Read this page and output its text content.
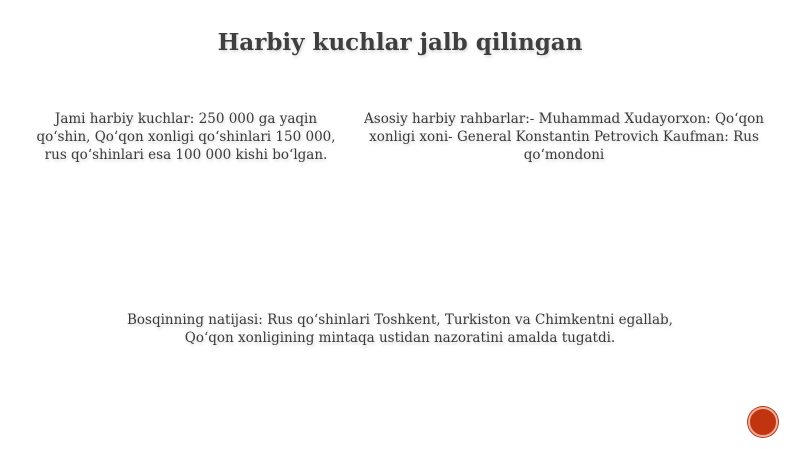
Harbiy kuchlar jalb qilingan
Jami harbiy kuchlar: 250 000 ga yaqin qo‘shin, Qo‘qon xonligi qo‘shinlari 150 000, rus qo‘shinlari esa 100 000 kishi bo‘lgan.
Asosiy harbiy rahbarlar:- Muhammad Xudayorxon: Qo‘qon xonligi xoni- General Konstantin Petrovich Kaufman: Rus qo‘mondoni
Bosqinning natijasi: Rus qo‘shinlari Toshkent, Turkiston va Chimkentni egallab, Qo‘qon xonligining mintaqa ustidan nazoratini amalda tugatdi.
